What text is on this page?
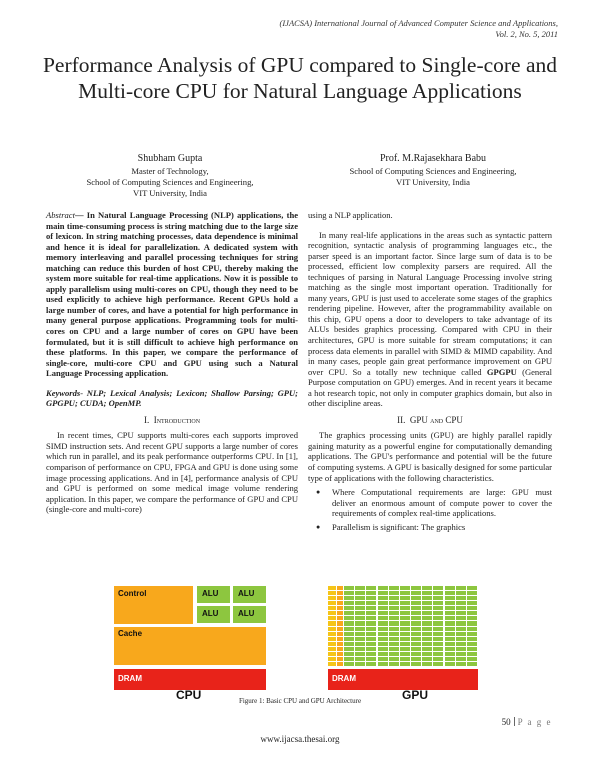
(IJACSA) International Journal of Advanced Computer Science and Applications,
Vol. 2, No. 5, 2011
Performance Analysis of GPU compared to Single-core and Multi-core CPU for Natural Language Applications
Shubham Gupta
Master of Technology,
School of Computing Sciences and Engineering,
VIT University, India
Prof. M.Rajasekhara Babu
School of Computing Sciences and Engineering,
VIT University, India

Abstract— In Natural Language Processing (NLP) applications, the main time-consuming process is string matching due to the large size of lexicon. In string matching processes, data dependence is minimal and hence it is ideal for parallelization. A dedicated system with memory interleaving and parallel processing techniques for string matching can reduce this burden of host CPU, thereby making the system more suitable for real-time applications. Now it is possible to apply parallelism using multi-cores on CPU, though they need to be used explicitly to achieve high performance. Recent GPUs hold a large number of cores, and have a potential for high performance in many general purpose applications. Programming tools for multi-cores on CPU and a large number of cores on GPU have been formulated, but it is still difficult to achieve high performance on these platforms. In this paper, we compare the performance of single-core, multi-core CPU and GPU using such a Natural Language Processing application.

Keywords- NLP; Lexical Analysis; Lexicon; Shallow Parsing; GPU; GPGPU; CUDA; OpenMP.

I. Introduction

In recent times, CPU supports multi-cores each supports improved SIMD instruction sets. And recent GPU supports a large number of cores which run in parallel, and its peak performance outperforms CPU. In [1], comparison of performance on CPU, FPGA and GPU is done using some image processing applications. And in [4], performance analysis of CPU and GPU is performed on some medical image volume rendering application. In this paper, we compare the performance of GPU and CPU (single-core and multi-core)

using a NLP application.

In many real-life applications in the areas such as syntactic pattern recognition, syntactic analysis of programming languages etc., the parser speed is an important factor. Since large sum of data is to be processed, efficient low complexity parsers are required. All the techniques of parsing in Natural Language Processing involve string matching as the single most important operation. Traditionally for many years, GPU is just used to accelerate some stages of the graphics rendering pipeline. However, after the programmability available on this chip, GPU opens a door to developers to take advantage of its ALUs besides graphics processing. Compared with CPU in their architectures, GPU is more suitable for stream computations; it can process data elements in parallel with SIMD & MIMD capability. And in many cases, people gain great performance improvement on GPU over CPU. So a totally new technique called GPGPU (General Purpose computation on GPU) emerges. And in recent years it became a hot research topic, not only in computer graphics domain, but also in other discipline areas.

II. GPU and CPU

The graphics processing units (GPU) are highly parallel rapidly gaining maturity as a powerful engine for computationally demanding applications. The GPU's performance and potential will be the future of computing systems. A GPU is basically designed for some particular type of applications with the following characteristics.

● Where Computational requirements are large: GPU must deliver an enormous amount of compute power to cover the requirements of complex real-time applications.
● Parallelism is significant: The graphics
Control	ALU ALU
ALU ALU
Cache
DRAM
CPU
DRAM
GPU
Figure 1: Basic CPU and GPU Architecture
50 P a g e
www.ijacsa.thesai.org
